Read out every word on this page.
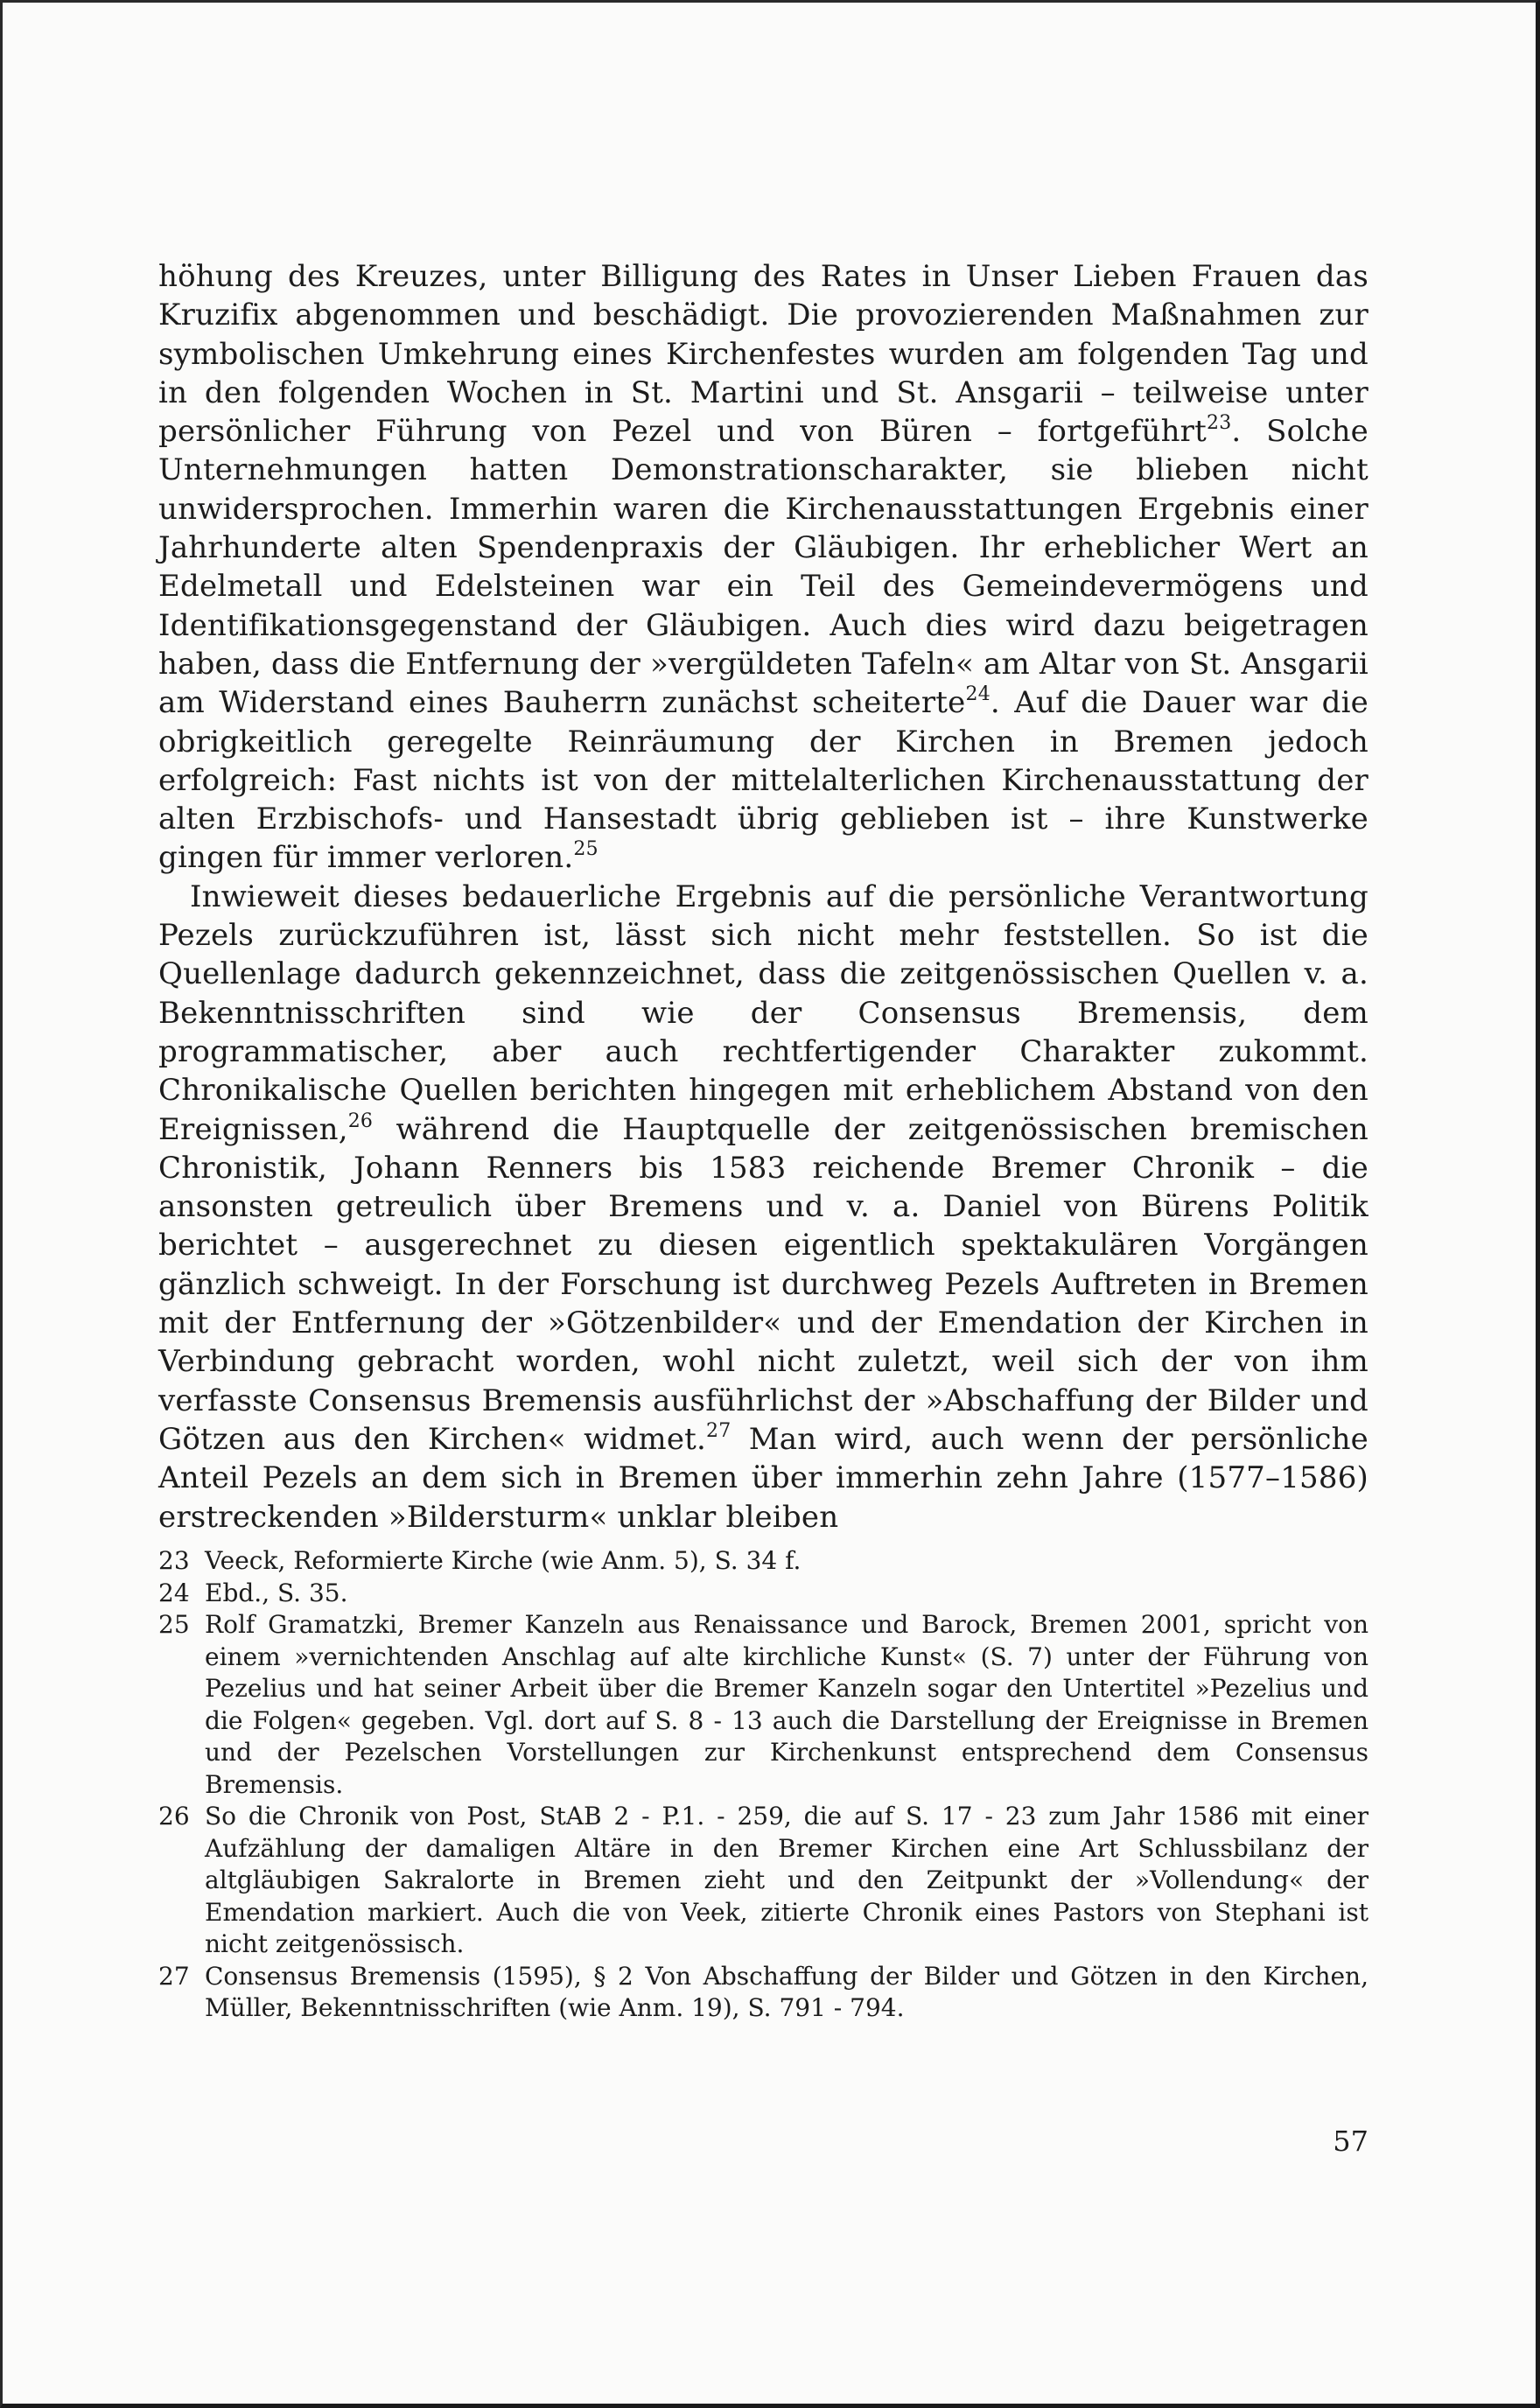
höhung des Kreuzes, unter Billigung des Rates in Unser Lieben Frauen das Kruzifix abgenommen und beschädigt. Die provozierenden Maßnahmen zur symbolischen Umkehrung eines Kirchenfestes wurden am folgenden Tag und in den folgenden Wochen in St. Martini und St. Ansgarii – teilweise unter persönlicher Führung von Pezel und von Büren – fortgeführt$^{23}$. Solche Unternehmungen hatten Demonstrationscharakter, sie blieben nicht unwidersprochen. Immerhin waren die Kirchenausstattungen Ergebnis einer Jahrhunderte alten Spendenpraxis der Gläubigen. Ihr erheblicher Wert an Edelmetall und Edelsteinen war ein Teil des Gemeindevermögens und Identifikationsgegenstand der Gläubigen. Auch dies wird dazu beigetragen haben, dass die Entfernung der »vergüldeten Tafeln« am Altar von St. Ansgarii am Widerstand eines Bauherrn zunächst scheiterte$^{24}$. Auf die Dauer war die obrigkeitlich geregelte Reinräumung der Kirchen in Bremen jedoch erfolgreich: Fast nichts ist von der mittelalterlichen Kirchenausstattung der alten Erzbischofs- und Hansestadt übrig geblieben ist – ihre Kunstwerke gingen für immer verloren.$^{25}$

Inwieweit dieses bedauerliche Ergebnis auf die persönliche Verantwortung Pezels zurückzuführen ist, lässt sich nicht mehr feststellen. So ist die Quellenlage dadurch gekennzeichnet, dass die zeitgenössischen Quellen v. a. Bekenntnisschriften sind wie der Consensus Bremensis, dem programmatischer, aber auch rechtfertigender Charakter zukommt. Chronikalische Quellen berichten hingegen mit erheblichem Abstand von den Ereignissen,$^{26}$ während die Hauptquelle der zeitgenössischen bremischen Chronistik, Johann Renners bis 1583 reichende Bremer Chronik – die ansonsten getreulich über Bremens und v. a. Daniel von Bürens Politik berichtet – ausgerechnet zu diesen eigentlich spektakulären Vorgängen gänzlich schweigt. In der Forschung ist durchweg Pezels Auftreten in Bremen mit der Entfernung der »Götzenbilder« und der Emendation der Kirchen in Verbindung gebracht worden, wohl nicht zuletzt, weil sich der von ihm verfasste Consensus Bremensis ausführlichst der »Abschaffung der Bilder und Götzen aus den Kirchen« widmet.$^{27}$ Man wird, auch wenn der persönliche Anteil Pezels an dem sich in Bremen über immerhin zehn Jahre (1577–1586) erstreckenden »Bildersturm« unklar bleiben

23 Veeck, Reformierte Kirche (wie Anm. 5), S. 34 f.
24 Ebd., S. 35.
25 Rolf Gramatzki, Bremer Kanzeln aus Renaissance und Barock, Bremen 2001, spricht von einem »vernichtenden Anschlag auf alte kirchliche Kunst« (S. 7) unter der Führung von Pezelius und hat seiner Arbeit über die Bremer Kanzeln sogar den Untertitel »Pezelius und die Folgen« gegeben. Vgl. dort auf S. 8 - 13 auch die Darstellung der Ereignisse in Bremen und der Pezelschen Vorstellungen zur Kirchenkunst entsprechend dem Consensus Bremensis.
26 So die Chronik von Post, StAB 2 - P.1. - 259, die auf S. 17 - 23 zum Jahr 1586 mit einer Aufzählung der damaligen Altäre in den Bremer Kirchen eine Art Schlussbilanz der altgläubigen Sakralorte in Bremen zieht und den Zeitpunkt der »Vollendung« der Emendation markiert. Auch die von Veek, zitierte Chronik eines Pastors von Stephani ist nicht zeitgenössisch.
27 Consensus Bremensis (1595), § 2 Von Abschaffung der Bilder und Götzen in den Kirchen, Müller, Bekenntnisschriften (wie Anm. 19), S. 791 - 794.
57
